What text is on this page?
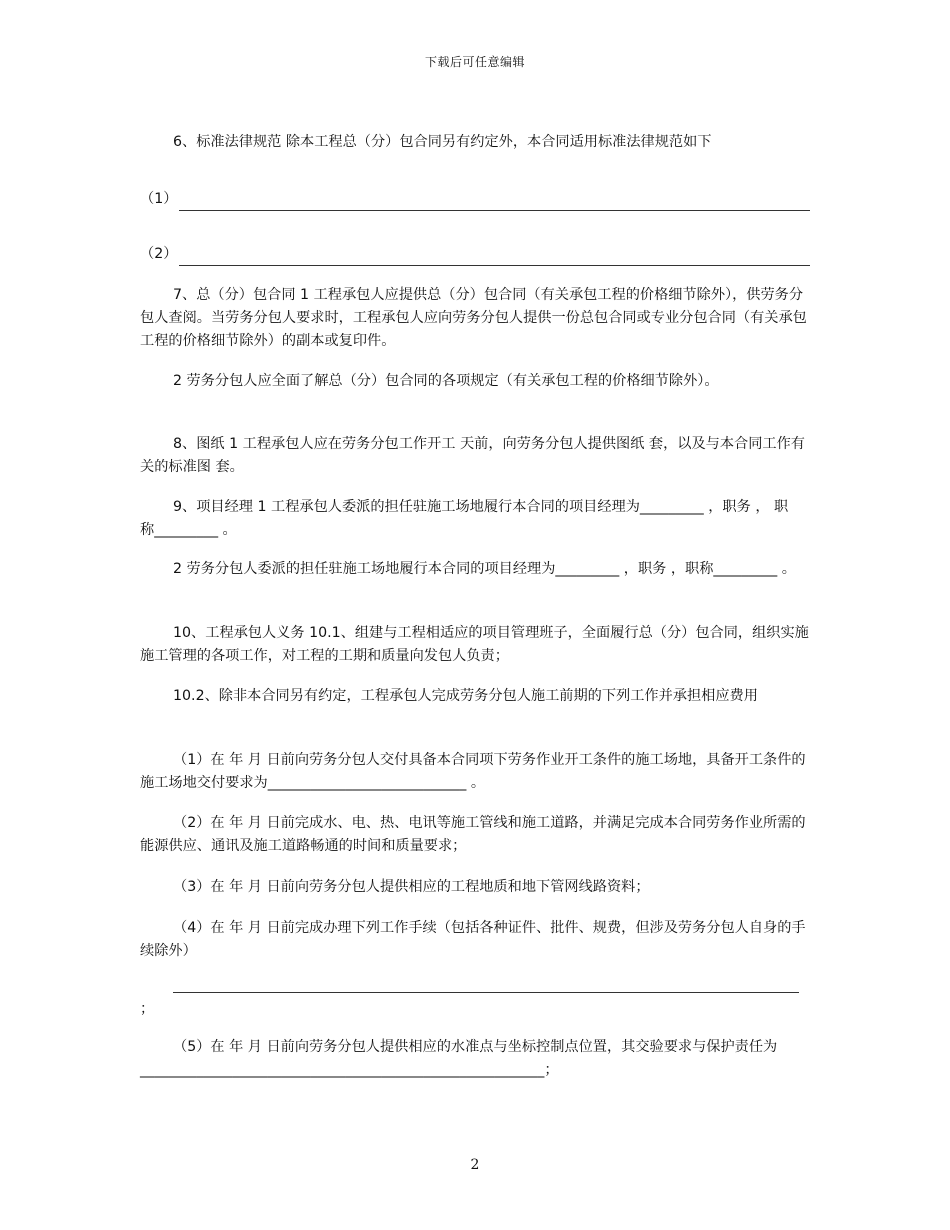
下载后可任意编辑

6、标准法律规范 除本工程总（分）包合同另有约定外，本合同适用标准法律规范如下

（1）
（2）

7、总（分）包合同 1 工程承包人应提供总（分）包合同（有关承包工程的价格细节除外），供劳务分包人查阅。当劳务分包人要求时，工程承包人应向劳务分包人提供一份总包合同或专业分包合同（有关承包工程的价格细节除外）的副本或复印件。

2 劳务分包人应全面了解总（分）包合同的各项规定（有关承包工程的价格细节除外）。

8、图纸 1 工程承包人应在劳务分包工作开工 天前，向劳务分包人提供图纸 套，以及与本合同工作有关的标准图 套。

9、项目经理 1 工程承包人委派的担任驻施工场地履行本合同的项目经理为_________ ，职务 ， 职称_________ 。

2 劳务分包人委派的担任驻施工场地履行本合同的项目经理为_________ ，职务 ，职称_________ 。

10、工程承包人义务 10.1、组建与工程相适应的项目管理班子，全面履行总（分）包合同，组织实施施工管理的各项工作，对工程的工期和质量向发包人负责；

10.2、除非本合同另有约定，工程承包人完成劳务分包人施工前期的下列工作并承担相应费用

（1）在 年 月 日前向劳务分包人交付具备本合同项下劳务作业开工条件的施工场地，具备开工条件的施工场地交付要求为____________________________ 。

（2）在 年 月 日前完成水、电、热、电讯等施工管线和施工道路，并满足完成本合同劳务作业所需的能源供应、通讯及施工道路畅通的时间和质量要求；

（3）在 年 月 日前向劳务分包人提供相应的工程地质和地下管网线路资料；

（4）在 年 月 日前完成办理下列工作手续（包括各种证件、批件、规费，但涉及劳务分包人自身的手续除外）

；

（5）在 年 月 日前向劳务分包人提供相应的水准点与坐标控制点位置，其交验要求与保护责任为_________________________________________________________；

2
